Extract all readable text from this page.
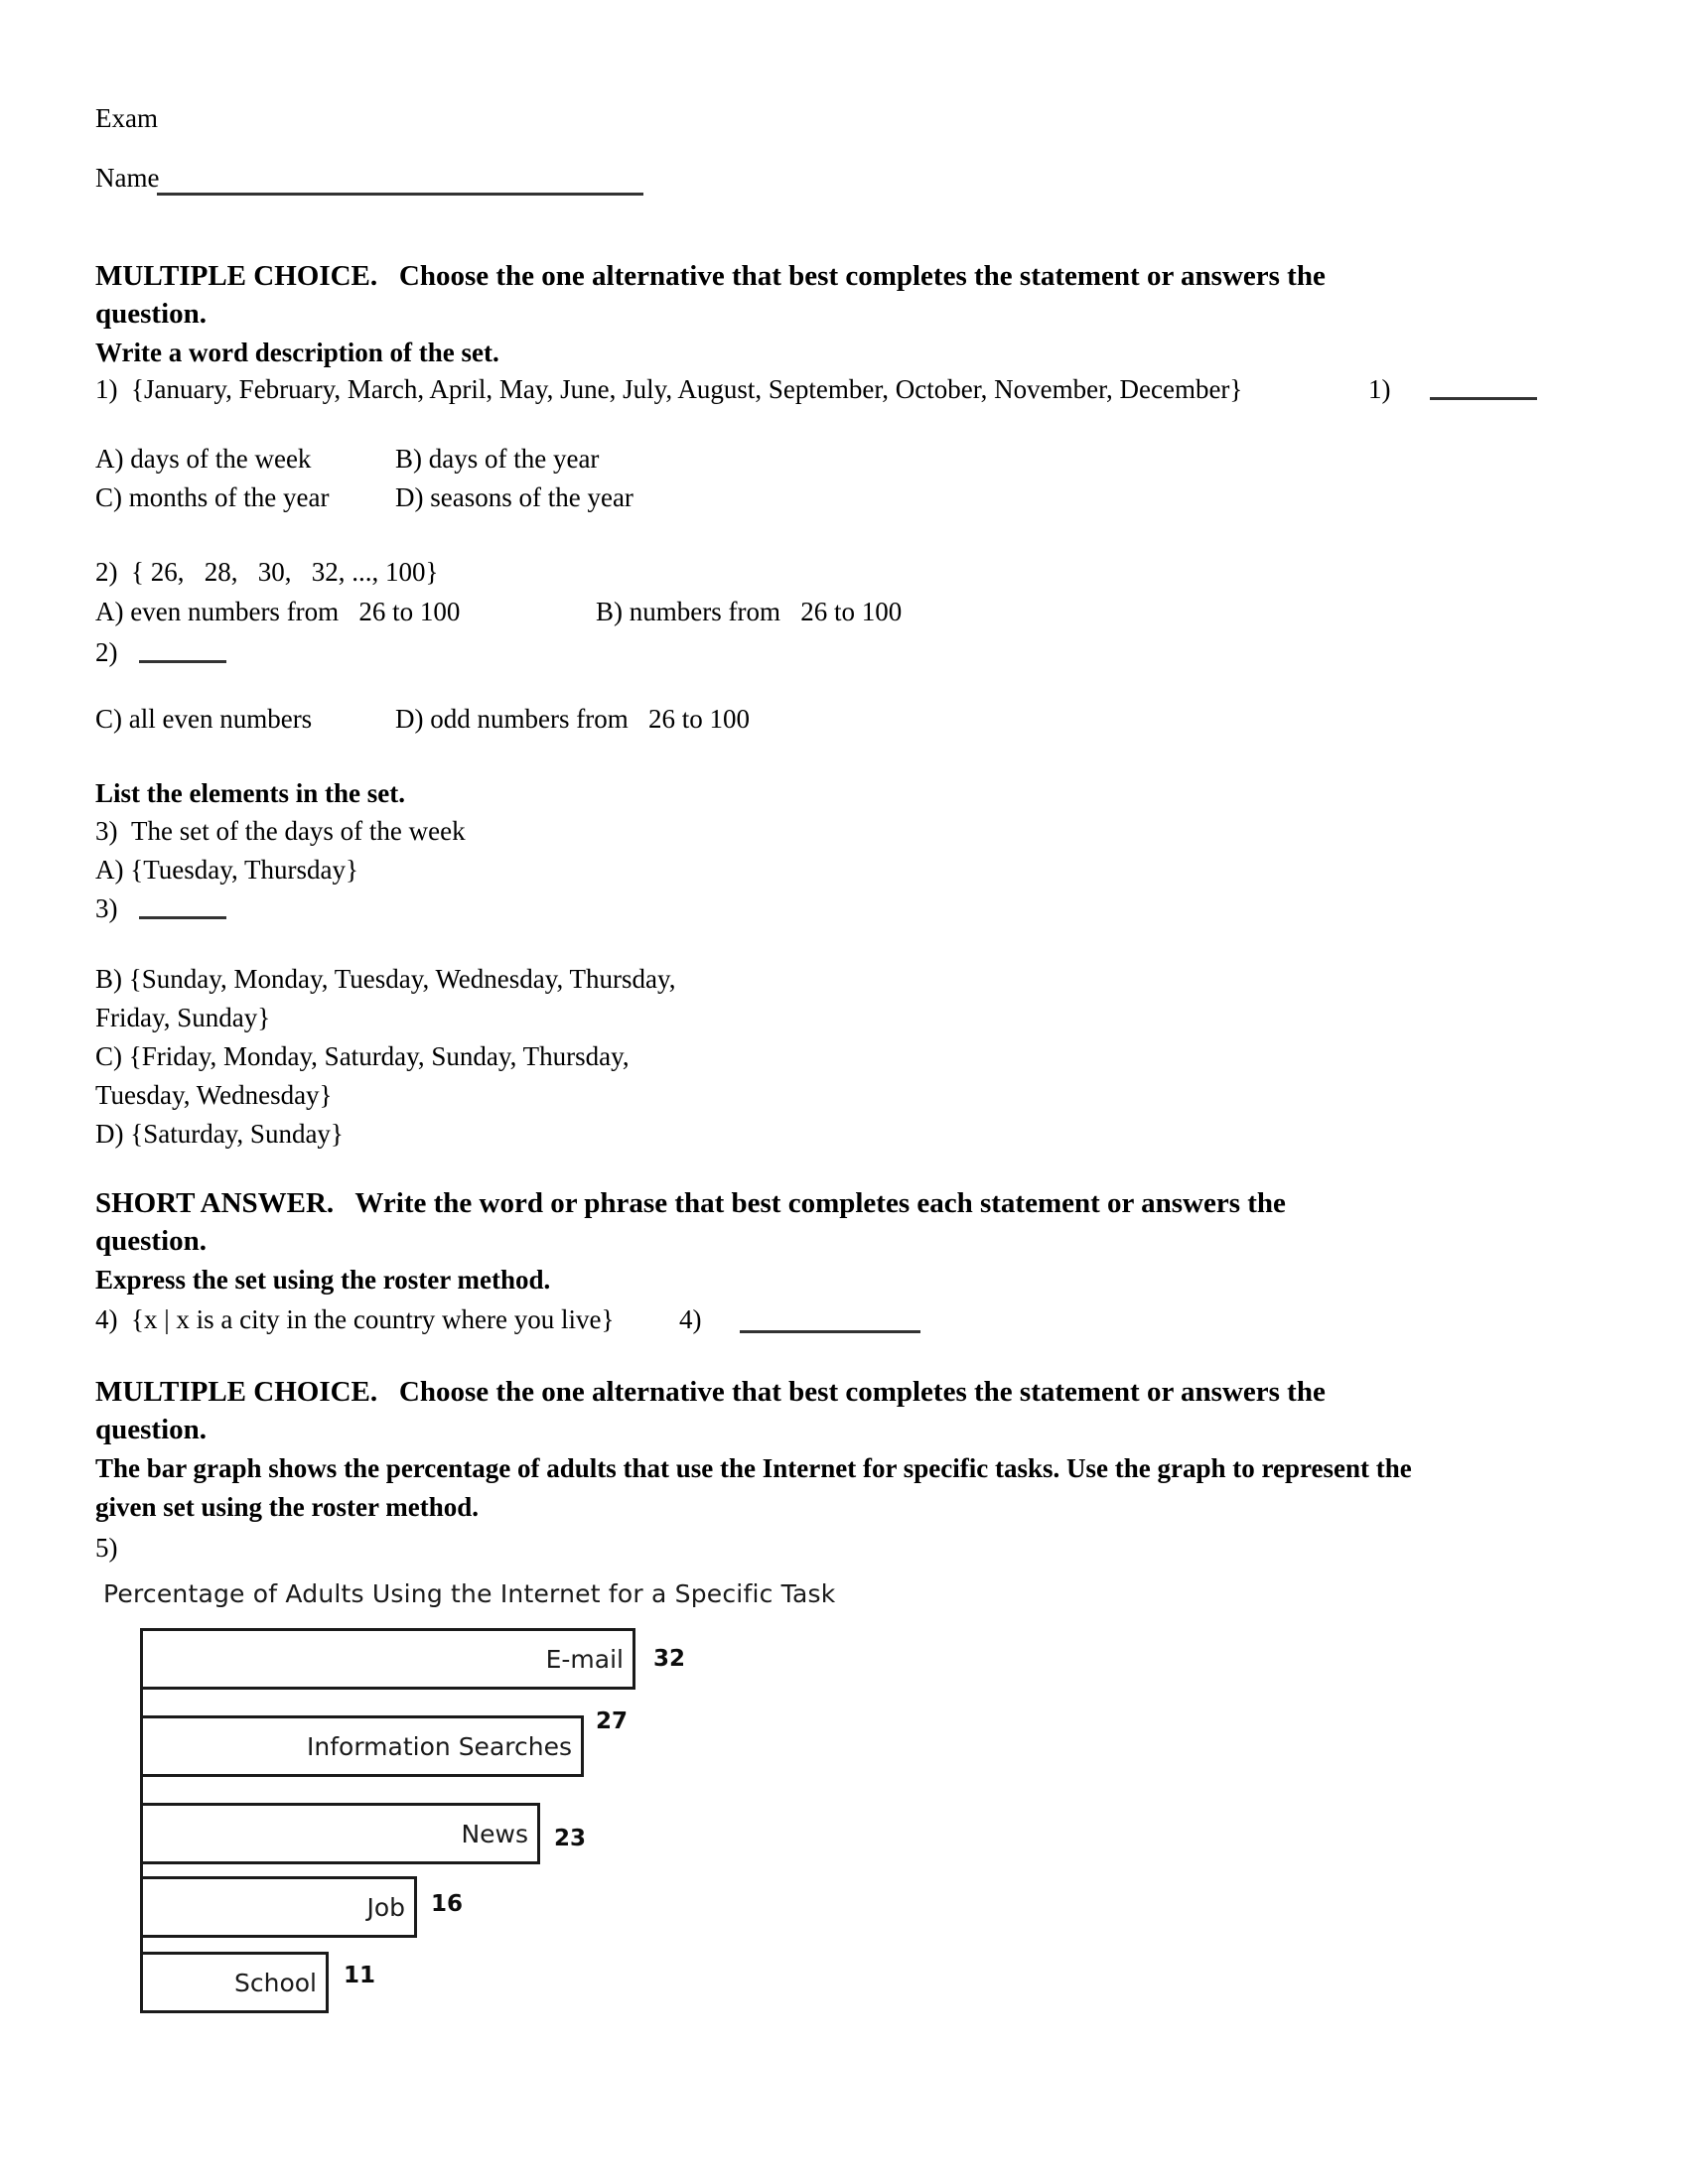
Exam
Name
MULTIPLE CHOICE.   Choose the one alternative that best completes the statement or answers the
question.
Write a word description of the set.
1) {January, February, March, April, May, June, July, August, September, October, November, December}	1)
A) days of the week	B) days of the year
C) months of the year D) seasons of the year
2) { 26,   28,   30,   32, ..., 100}
A) even numbers from   26 to 100	B) numbers from   26 to 100
2)
C) all even numbers	D) odd numbers from   26 to 100
List the elements in the set.
3) The set of the days of the week
A) {Tuesday, Thursday}
3)
B) {Sunday, Monday, Tuesday, Wednesday, Thursday,
Friday, Sunday}
C) {Friday, Monday, Saturday, Sunday, Thursday,
Tuesday, Wednesday}
D) {Saturday, Sunday}
SHORT ANSWER.   Write the word or phrase that best completes each statement or answers the
question.
Express the set using the roster method.
4) {x | x is a city in the country where you live} 4)
MULTIPLE CHOICE.   Choose the one alternative that best completes the statement or answers the
question.
The bar graph shows the percentage of adults that use the Internet for specific tasks. Use the graph to represent the
given set using the roster method.
5)
Percentage of Adults Using the Internet for a Specific Task
E-mail	32
Information Searches
27
News	23
Job	16
School	11
